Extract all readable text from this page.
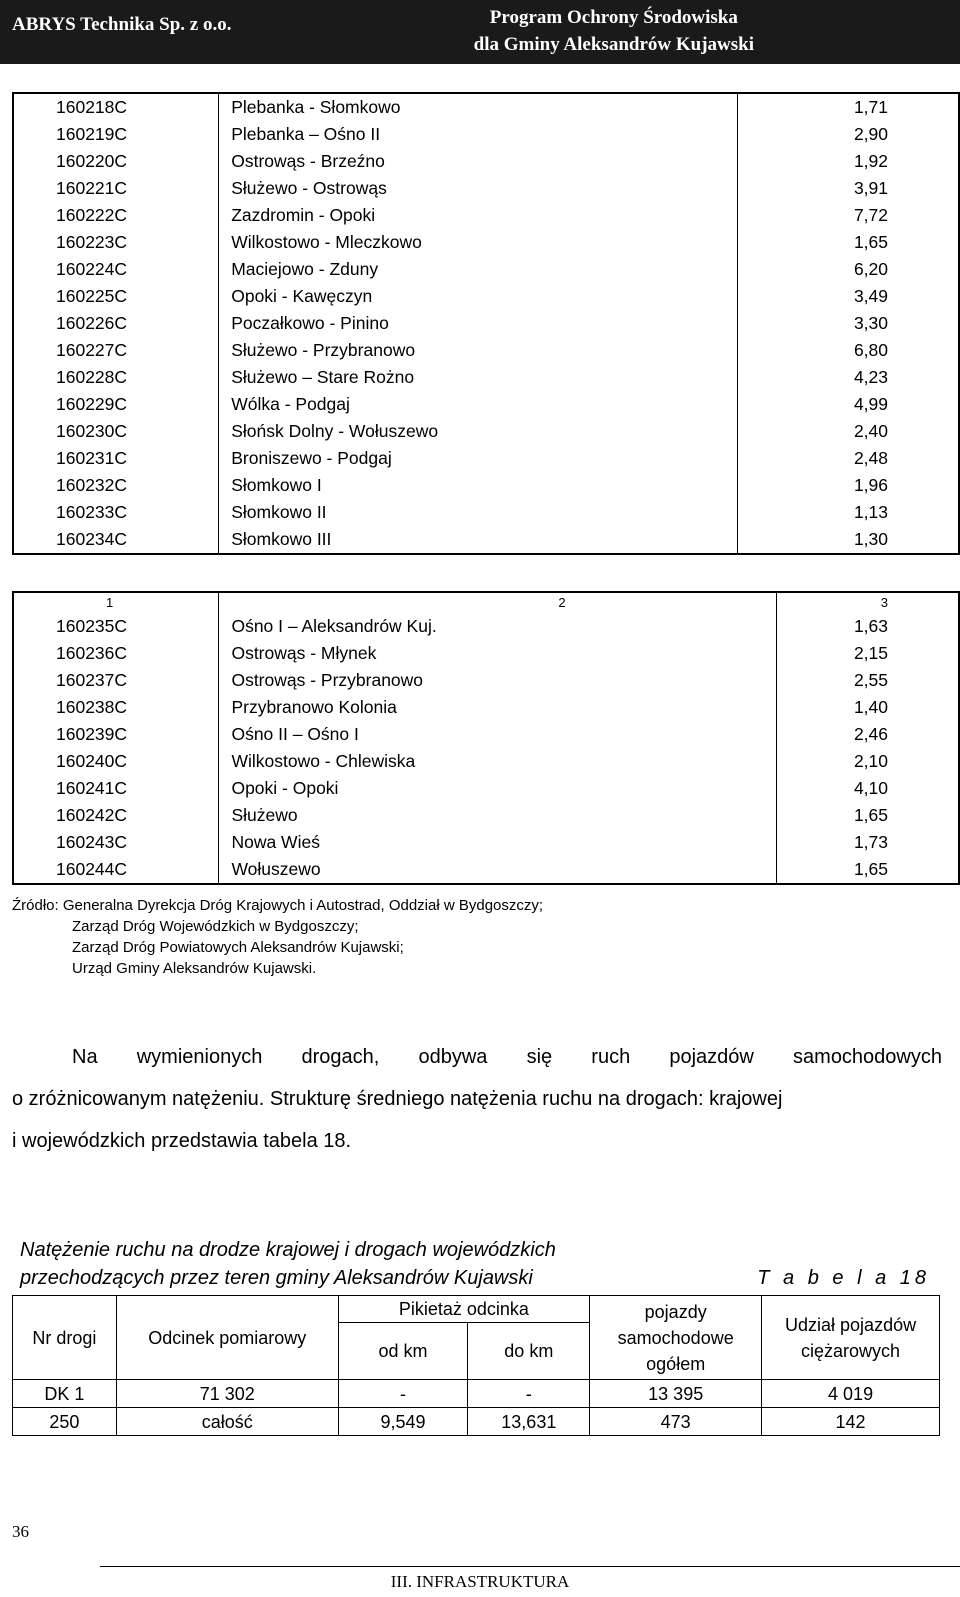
ABRYS Technika Sp. z o.o.	Program Ochrony Środowiska
dla Gminy Aleksandrów Kujawski
160218C	Plebanka - Słomkowo	1,71
160219C	Plebanka – Ośno II	2,90
160220C	Ostrowąs - Brzeźno	1,92
160221C	Służewo - Ostrowąs	3,91
160222C	Zazdromin - Opoki	7,72
160223C	Wilkostowo - Mleczkowo	1,65
160224C	Maciejowo - Zduny	6,20
160225C	Opoki - Kawęczyn	3,49
160226C	Poczałkowo - Pinino	3,30
160227C	Służewo - Przybranowo	6,80
160228C	Służewo – Stare Rożno	4,23
160229C	Wólka - Podgaj	4,99
160230C	Słońsk Dolny - Wołuszewo	2,40
160231C	Broniszewo - Podgaj	2,48
160232C	Słomkowo I	1,96
160233C	Słomkowo II	1,13
160234C	Słomkowo III	1,30
1	2	3
160235C	Ośno I – Aleksandrów Kuj.	1,63
160236C	Ostrowąs - Młynek	2,15
160237C	Ostrowąs - Przybranowo	2,55
160238C	Przybranowo Kolonia	1,40
160239C	Ośno II – Ośno I	2,46
160240C	Wilkostowo - Chlewiska	2,10
160241C	Opoki - Opoki	4,10
160242C	Służewo	1,65
160243C	Nowa Wieś	1,73
160244C	Wołuszewo	1,65
Źródło: Generalna Dyrekcja Dróg Krajowych i Autostrad, Oddział w Bydgoszczy;
Zarząd Dróg Wojewódzkich w Bydgoszczy;
Zarząd Dróg Powiatowych Aleksandrów Kujawski;
Urząd Gminy Aleksandrów Kujawski.
Na wymienionych drogach, odbywa się ruch pojazdów samochodowych
o zróżnicowanym natężeniu. Strukturę średniego natężenia ruchu na drogach: krajowej
i wojewódzkich przedstawia tabela 18.
Natężenie ruchu na drodze krajowej i drogach wojewódzkich
przechodzących przez teren gminy Aleksandrów Kujawski	T a b e l a 18
Nr drogi	Odcinek pomiarowy	Pikietaż odcinka		pojazdy samochodowe ogółem	Udział pojazdów ciężarowych
		od km	do km		
DK 1	71 302	-	-	13 395	4 019
250	całość	9,549	13,631	473	142
36
III. INFRASTRUKTURA
